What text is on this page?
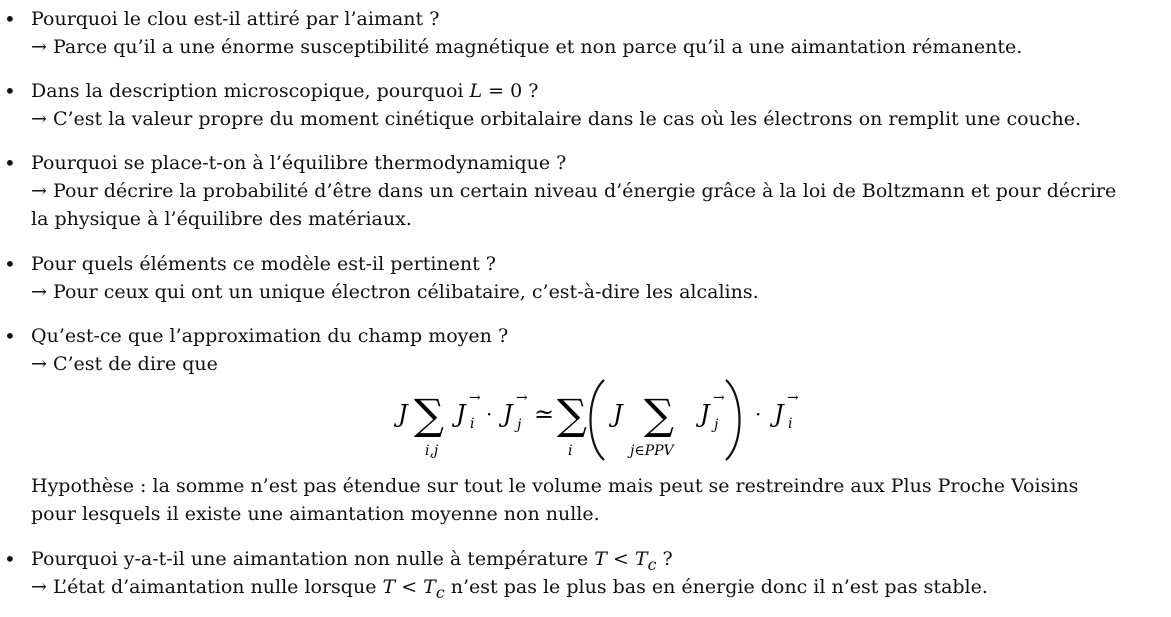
• Pourquoi le clou est-il attiré par l’aimant ?
→ Parce qu’il a une énorme susceptibilité magnétique et non parce qu’il a une aimantation rémanente.
• Dans la description microscopique, pourquoi L = 0 ?
→ C’est la valeur propre du moment cinétique orbitalaire dans le cas où les électrons on remplit une couche.
• Pourquoi se place-t-on à l’équilibre thermodynamique ?
→ Pour décrire la probabilité d’être dans un certain niveau d’énergie grâce à la loi de Boltzmann et pour décrire
la physique à l’équilibre des matériaux.
• Pour quels éléments ce modèle est-il pertinent ?
→ Pour ceux qui ont un unique électron célibataire, c’est-à-dire les alcalins.
• Qu’est-ce que l’approximation du champ moyen ?
→ C’est de dire que
J ∑
i,j
J
→
i · J
→
j ≃ ∑
i
J ∑
j∈PPV
J
→
j · J
→
i
Hypothèse : la somme n’est pas étendue sur tout le volume mais peut se restreindre aux Plus Proche Voisins
pour lesquels il existe une aimantation moyenne non nulle.
• Pourquoi y-a-t-il une aimantation non nulle à température $T < T_c$ ?
→ L’état d’aimantation nulle lorsque $T < T_c$ n’est pas le plus bas en énergie donc il n’est pas stable.
